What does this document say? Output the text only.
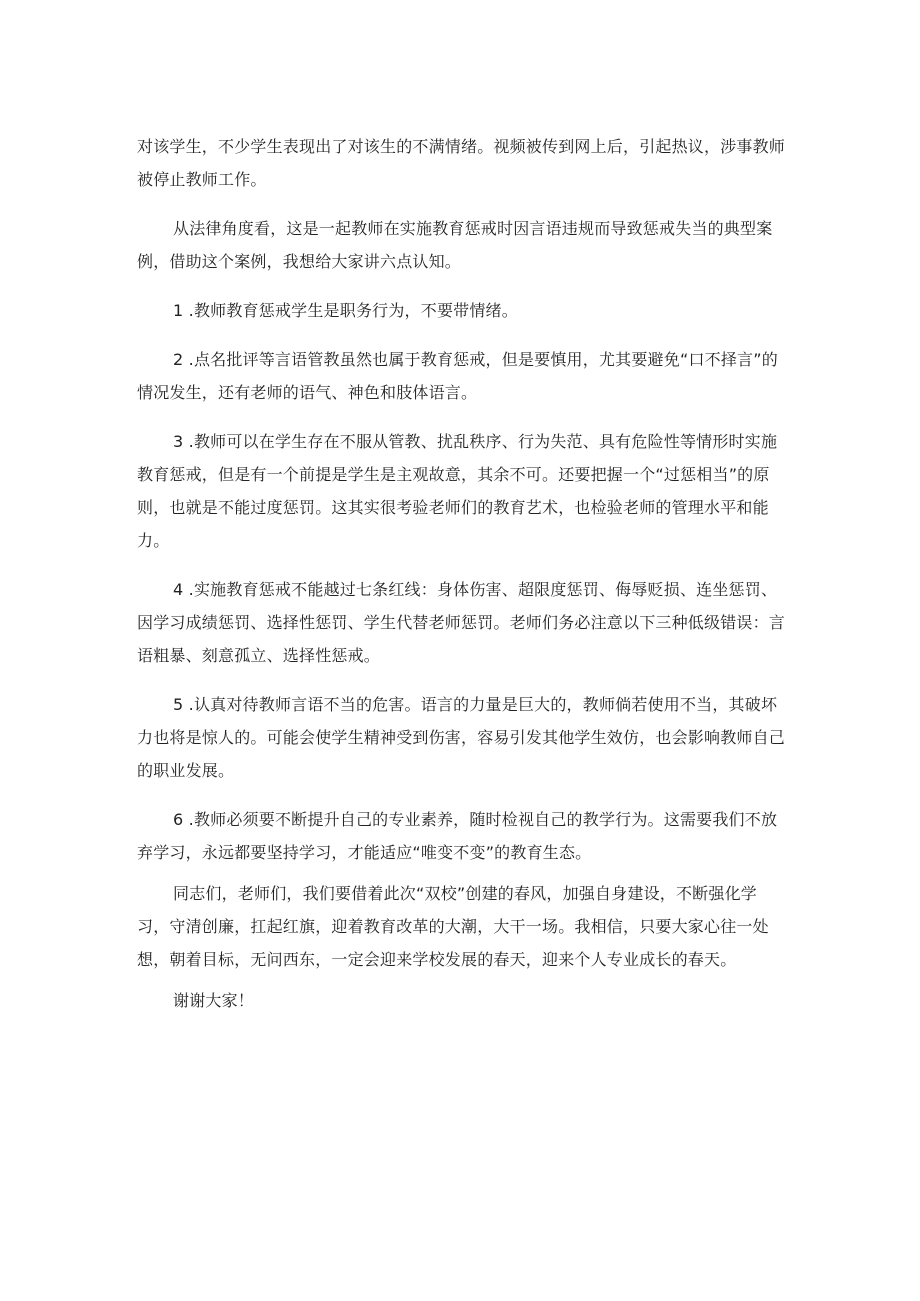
对该学生，不少学生表现出了对该生的不满情绪。视频被传到网上后，引起热议，涉事教师被停止教师工作。

从法律角度看，这是一起教师在实施教育惩戒时因言语违规而导致惩戒失当的典型案例，借助这个案例，我想给大家讲六点认知。

1 .教师教育惩戒学生是职务行为，不要带情绪。

2 .点名批评等言语管教虽然也属于教育惩戒，但是要慎用，尤其要避免“口不择言”的情况发生，还有老师的语气、神色和肢体语言。

3 .教师可以在学生存在不服从管教、扰乱秩序、行为失范、具有危险性等情形时实施教育惩戒，但是有一个前提是学生是主观故意，其余不可。还要把握一个“过惩相当”的原则，也就是不能过度惩罚。这其实很考验老师们的教育艺术，也检验老师的管理水平和能力。

4 .实施教育惩戒不能越过七条红线：身体伤害、超限度惩罚、侮辱贬损、连坐惩罚、因学习成绩惩罚、选择性惩罚、学生代替老师惩罚。老师们务必注意以下三种低级错误：言语粗暴、刻意孤立、选择性惩戒。

5 .认真对待教师言语不当的危害。语言的力量是巨大的，教师倘若使用不当，其破坏力也将是惊人的。可能会使学生精神受到伤害，容易引发其他学生效仿，也会影响教师自己的职业发展。

6 .教师必须要不断提升自己的专业素养，随时检视自己的教学行为。这需要我们不放弃学习，永远都要坚持学习，才能适应“唯变不变”的教育生态。

同志们，老师们，我们要借着此次“双校”创建的春风，加强自身建设，不断强化学习，守清创廉，扛起红旗，迎着教育改革的大潮，大干一场。我相信，只要大家心往一处想，朝着目标，无问西东，一定会迎来学校发展的春天，迎来个人专业成长的春天。

谢谢大家！
